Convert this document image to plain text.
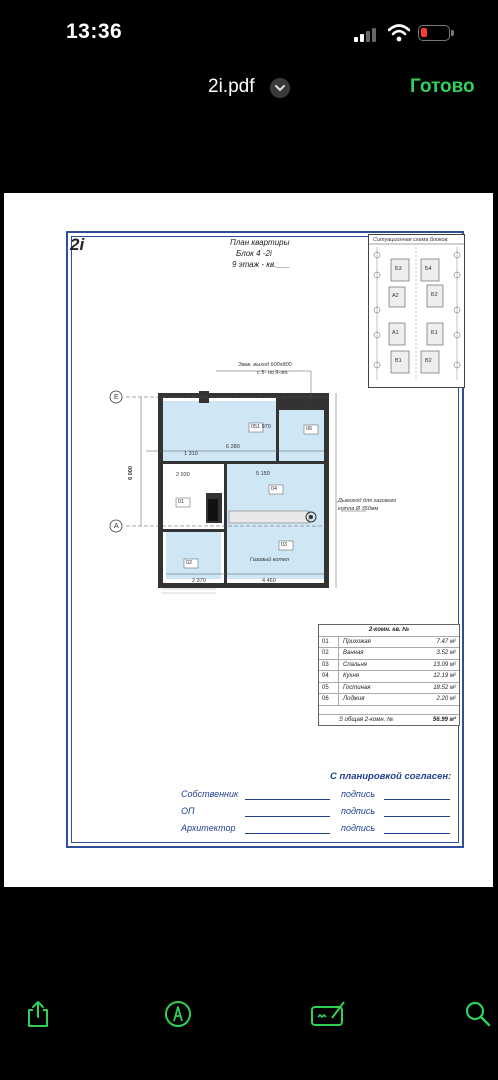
13:36
2i.pdf	Готово
2i	План квартиры
Блок 4 -2i
9 этаж - кв.___
Ситуационная схема блоков
Б3	Б4
А2	Б2
А1	Б1
В1	В2
Е
А
6 000
01
02
03
04
05	06
1 310
5 150
6 280
4 460
2 370
1 970
2 930
Эвак. выход 600х800
с 5- по 9-эт.
Дымоход для газового
котла Ø 350мм
Газовый котел
2-комн. кв. №
01	Прихожая	7.47 м²
02	Ванная	3.52 м²
03	Спальня	13.09 м²
04	Кухня	12.19 м²
05	Гостиная	18.52 м²
06	Лоджия	2.20 м²
S общая 2-комн. №	56.99 м²
С планировкой согласен:
Собственник	подпись
ОП	подпись
Архитектор	подпись
